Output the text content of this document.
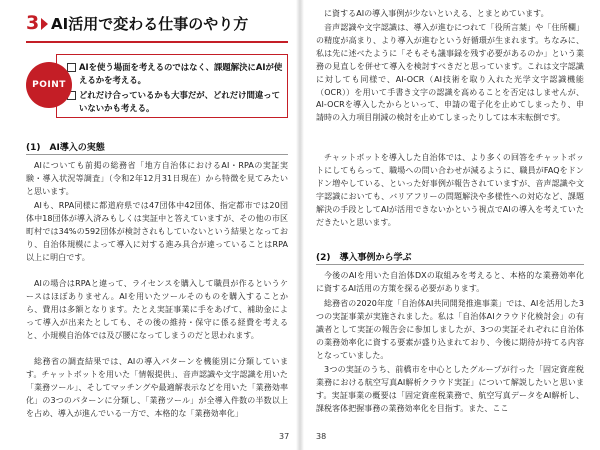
3 AI活用で変わる仕事のやり方
AIを使う場面を考えるのではなく、課題解決にAIが使えるかを考える。
どれだけ合っているかも大事だが、どれだけ間違っていないかも考える。
POINT
(1)　AI導入の実態
AIについても前掲の総務省「地方自治体におけるAI・RPAの実証実験・導入状況等調査」（令和2年12月31日現在）から特徴を見てみたいと思います。
AIも、RPA同様に都道府県では47団体中42団体、指定都市では20団体中18団体が導入済みもしくは実証中と答えていますが、その他の市区町村では34%の592団体が検討されもしていないという結果となっており、自治体規模によって導入に対する進み具合が違っていることはRPA以上に明白です。
AIの場合はRPAと違って、ライセンスを購入して職員が作るというケースはほぼありません。AIを用いたツールそのものを購入することから、費用は多額となります。たとえ実証事業に手をあげて、補助金によって導入が出来たとしても、その後の維持・保守に係る経費を考えると、小規模自治体では及び腰になってしまうのだと思われます。
総務省の調査結果では、AIの導入パターンを機能別に分類しています。チャットボットを用いた「情報提供」、音声認識や文字認識を用いた「業務ツール」、そしてマッチングや最適解表示などを用いた「業務効率化」の3つのパターンに分類し、「業務ツール」が全導入件数の半数以上を占め、導入が進んでいる一方で、本格的な「業務効率化」
37
に資するAIの導入事例が少ないといえる、とまとめています。
音声認識や文字認識は、導入が進むにつれて「役所言葉」や「住所欄」の精度が高まり、より導入が進むという好循環が生まれます。ちなみに、私は先に述べたように「そもそも議事録を残す必要があるのか」という業務の見直しを併せて導入を検討すべきだと思っています。これは文字認識に対しても同様で、AI-OCR（AI技術を取り入れた光学文字認識機能（OCR））を用いて手書き文字の認識を高めることを否定はしませんが、AI-OCRを導入したからといって、申請の電子化を止めてしまったり、申請時の入力項目削減の検討を止めてしまったりしては本末転倒です。
チャットボットを導入した自治体では、より多くの回答をチャットボットにしてもらって、職場への問い合わせが減るように、職員がFAQをドンドン増やしている、といった好事例が報告されていますが、音声認識や文字認識においても、バリアフリーの問題解決や多様性への対応など、課題解決の手段としてAIが活用できないかという視点でAIの導入を考えていただきたいと思います。
(2)　導入事例から学ぶ
今後のAIを用いた自治体DXの取組みを考えると、本格的な業務効率化に資するAI活用の方策を探る必要があります。
総務省の2020年度「自治体AI共同開発推進事業」では、AIを活用した3つの実証事業が実施されました。私は「自治体AIクラウド化検討会」の有識者として実証の報告会に参加しましたが、3つの実証それぞれに自治体の業務効率化に資する要素が盛り込まれており、今後に期待が持てる内容となっていました。
3つの実証のうち、前橋市を中心としたグループが行った「固定資産税業務における航空写真AI解析クラウド実証」について解説したいと思います。実証事業の概要は「固定資産税業務で、航空写真データをAI解析し、課税客体把握事務の業務効率化を目指す。また、ここ
38
